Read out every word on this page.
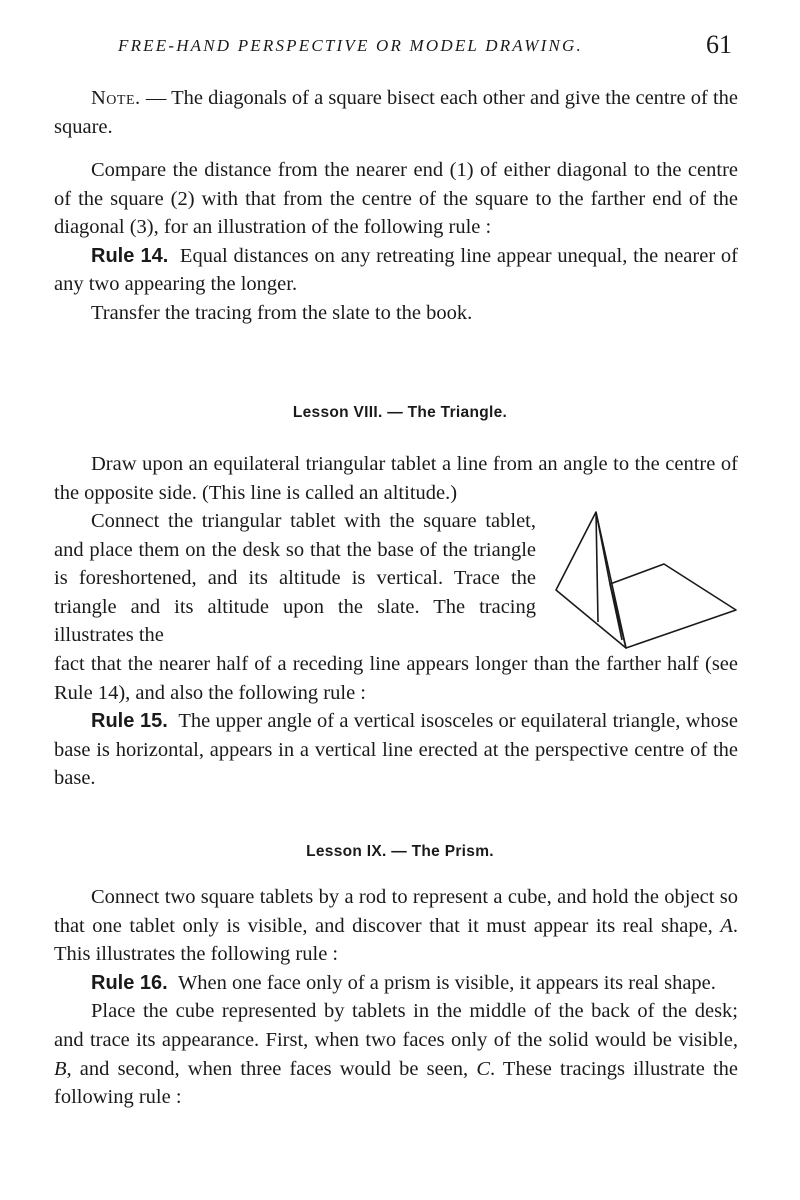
FREE-HAND PERSPECTIVE OR MODEL DRAWING.	61

Note. — The diagonals of a square bisect each other and give the centre of the square.

Compare the distance from the nearer end (1) of either diagonal to the centre of the square (2) with that from the centre of the square to the farther end of the diagonal (3), for an illustration of the following rule :

Rule 14. Equal distances on any retreating line appear unequal, the nearer of any two appearing the longer.

Transfer the tracing from the slate to the book.

Lesson VIII. — The Triangle.

Draw upon an equilateral triangular tablet a line from an angle to the centre of the opposite side. (This line is called an altitude.)

Connect the triangular tablet with the square tablet, and place them on the desk so that the base of the triangle is foreshortened, and its altitude is vertical. Trace the triangle and its altitude upon the slate. The tracing illustrates the

fact that the nearer half of a receding line appears longer than the farther half (see Rule 14), and also the following rule :

Rule 15. The upper angle of a vertical isosceles or equilateral triangle, whose base is horizontal, appears in a vertical line erected at the perspective centre of the base.

Lesson IX. — The Prism.

Connect two square tablets by a rod to represent a cube, and hold the object so that one tablet only is visible, and discover that it must appear its real shape, A. This illustrates the following rule :

Rule 16. When one face only of a prism is visible, it appears its real shape.

Place the cube represented by tablets in the middle of the back of the desk; and trace its appearance. First, when two faces only of the solid would be visible, B, and second, when three faces would be seen, C. These tracings illustrate the following rule :
